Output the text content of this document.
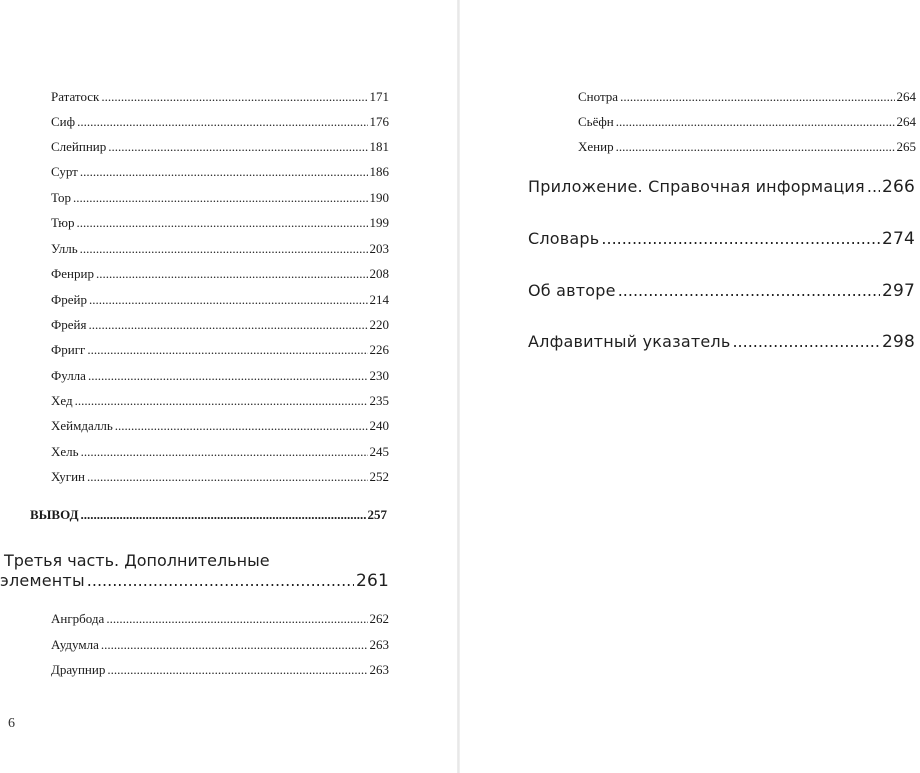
Рататоск .....	171
Сиф .....	176
Слейпнир .....	181
Сурт .....	186
Тор .....	190
Тюр .....	199
Улль .....	203
Фенрир .....	208
Фрейр .....	214
Фрейя .....	220
Фригг .....	226
Фулла .....	230
Хед .....	235
Хеймдалль .....	240
Хель .....	245
Хугин .....	252
ВЫВОД .....	257
Третья часть. Дополнительные
элементы .....	261
Ангрбода .....	262
Аудумла .....	263
Драупнир .....	263
6
Снотра .....	264
Сьёфн .....	264
Хенир .....	265
Приложение. Справочная информация ..... 266
Словарь .....	274
Об авторе .....	297
Алфавитный указатель .....	298
